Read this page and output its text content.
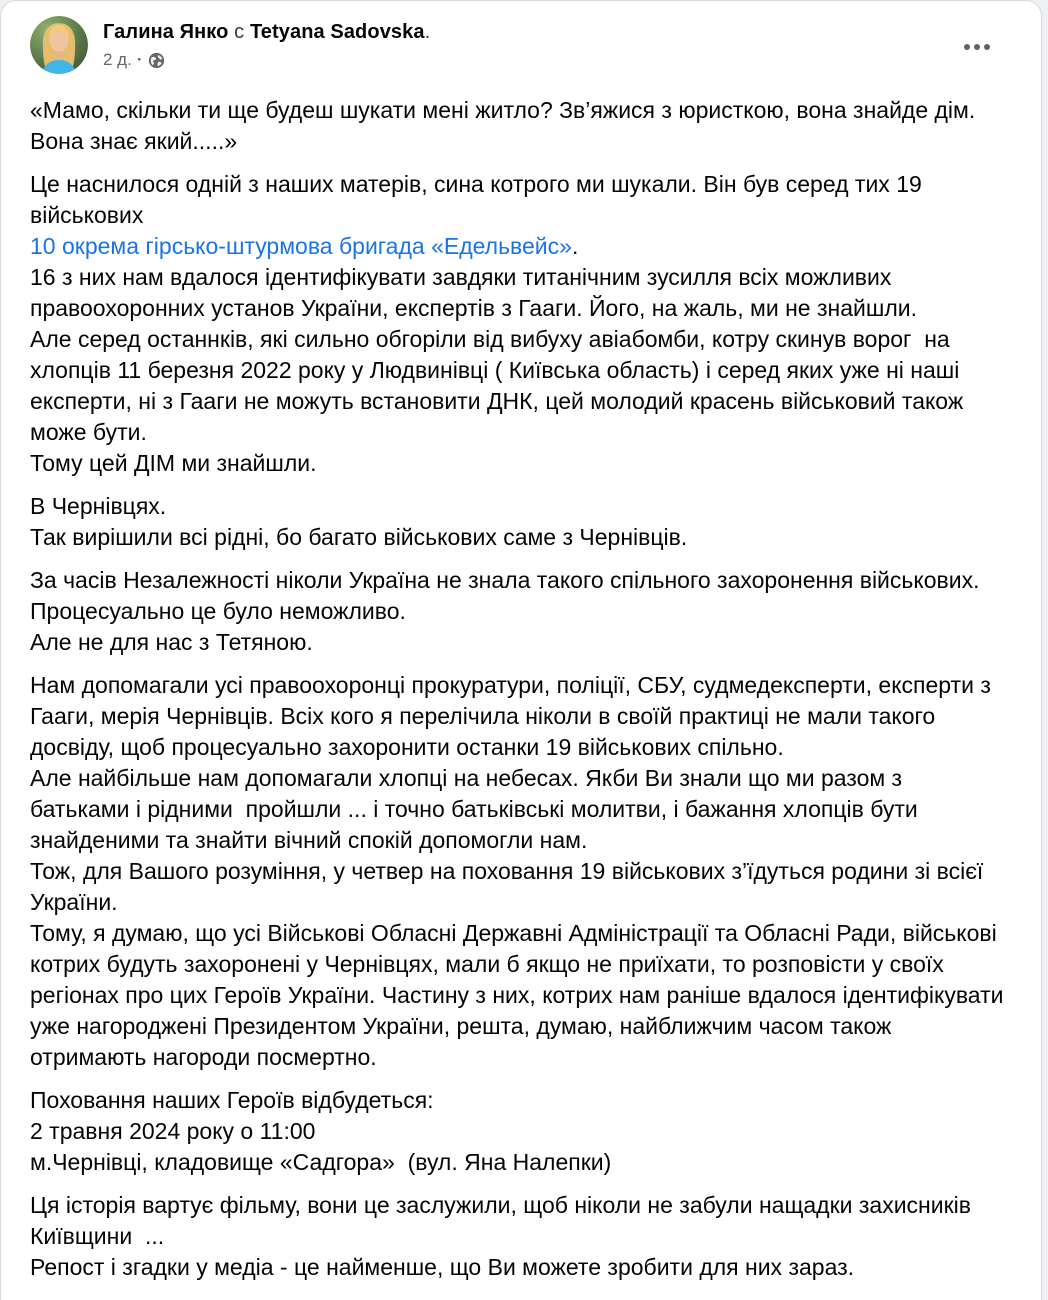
Галина Янко с Tetyana Sadovska.
2 д. ·
«Мамо, скільки ти ще будеш шукати мені житло? Зв’яжися з юристкою, вона знайде дім. Вона знає який.....»
Це наснилося одній з наших матерів, сина котрого ми шукали. Він був серед тих 19 військових
10 окрема гірсько-штурмова бригада «Едельвейс».
16 з них нам вдалося ідентифікувати завдяки титанічним зусилля всіх можливих правоохоронних установ України, експертів з Гааги. Його, на жаль, ми не знайшли.
Але серед останнків, які сильно обгоріли від вибуху авіабомби, котру скинув ворог  на хлопців 11 березня 2022 року у Людвинівці ( Київська область) і серед яких уже ні наші експерти, ні з Гааги не можуть встановити ДНК, цей молодий красень військовий також може бути.
Тому цей ДІМ ми знайшли.
В Чернівцях.
Так вирішили всі рідні, бо багато військових саме з Чернівців.
За часів Незалежності ніколи Україна не знала такого спільного захоронення військових.
Процесуально це було неможливо.
Але не для нас з Тетяною.
Нам допомагали усі правоохоронці прокуратури, поліції, СБУ, судмедексперти, експерти з Гааги, мерія Чернівців. Всіх кого я перелічила ніколи в своїй практиці не мали такого досвіду, щоб процесуально захоронити останки 19 військових спільно.
Але найбільше нам допомагали хлопці на небесах. Якби Ви знали що ми разом з батьками і рідними  пройшли ... і точно батьківські молитви, і бажання хлопців бути знайденими та знайти вічний спокій допомогли нам.
Тож, для Вашого розуміння, у четвер на поховання 19 військових з’їдуться родини зі всієї України.
Тому, я думаю, що усі Військові Обласні Державні Адміністрації та Обласні Ради, військові котрих будуть захоронені у Чернівцях, мали б якщо не приїхати, то розповісти у своїх регіонах про цих Героїв України. Частину з них, котрих нам раніше вдалося ідентифікувати уже нагороджені Президентом України, решта, думаю, найближчим часом також отримають нагороди посмертно.
Поховання наших Героїв відбудеться:
2 травня 2024 року о 11:00
м.Чернівці, кладовище «Садгора»  (вул. Яна Налепки)
Ця історія вартує фільму, вони це заслужили, щоб ніколи не забули нащадки захисників Київщини  ...
Репост і згадки у медіа - це найменше, що Ви можете зробити для них зараз.
